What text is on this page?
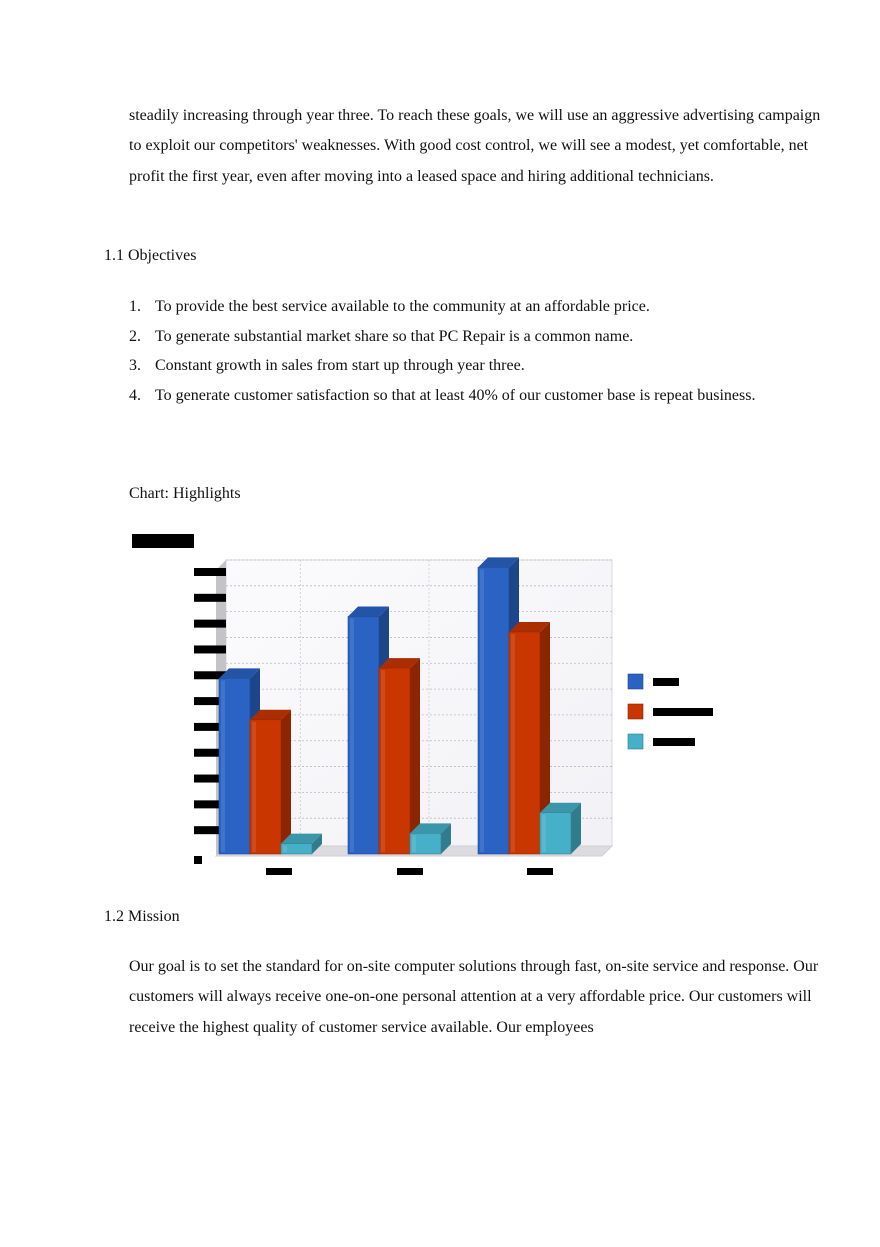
steadily increasing through year three. To reach these goals, we will use an aggressive advertising campaign to exploit our competitors' weaknesses. With good cost control, we will see a modest, yet comfortable, net profit the first year, even after moving into a leased space and hiring additional technicians.

1.1 Objectives

1. To provide the best service available to the community at an affordable price.
2. To generate substantial market share so that PC Repair is a common name.
3. Constant growth in sales from start up through year three.
4. To generate customer satisfaction so that at least 40% of our customer base is repeat business.

Chart: Highlights

1.2 Mission

Our goal is to set the standard for on-site computer solutions through fast, on-site service and response. Our customers will always receive one-on-one personal attention at a very affordable price. Our customers will receive the highest quality of customer service available. Our employees
